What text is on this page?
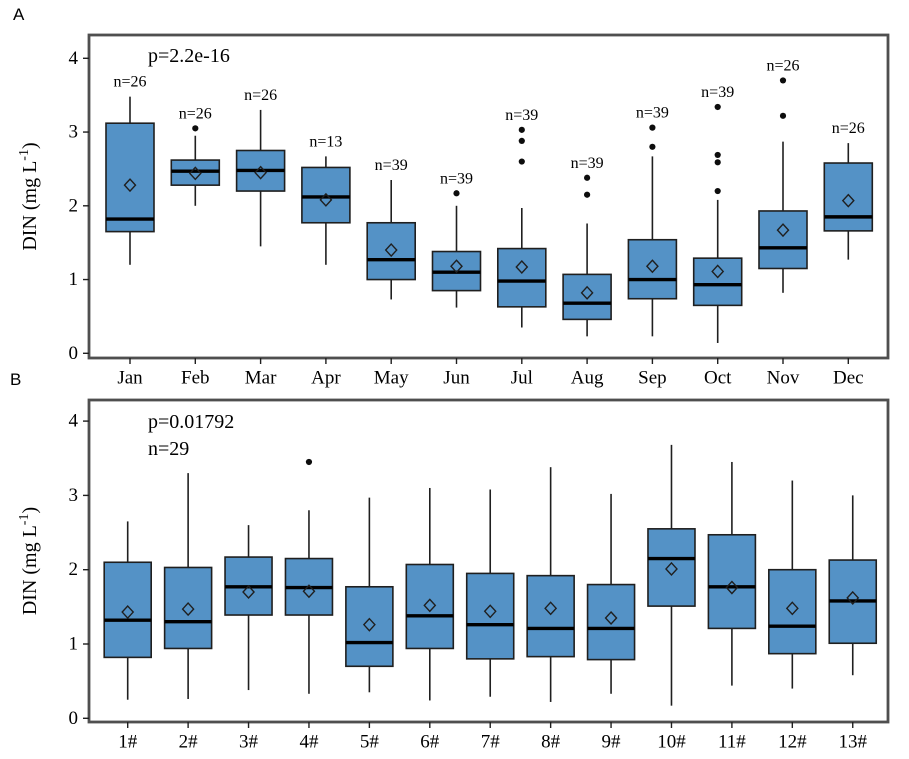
A
B
0
1
2
3
4
Jan Feb Mar Apr May Jun Jul Aug Sep Oct Nov Dec
n=26
n=26
n=26
n=13
n=39
n=39
n=39
n=39
n=39
n=39
n=26
n=26
p=2.2e-16
DIN (mg $L^{-1}$)
0
1
2
3
4
1# 2# 3# 4# 5# 6# 7# 8# 9# 10# 11# 12# 13#
p=0.01792
n=29
DIN (mg $L^{-1}$)
